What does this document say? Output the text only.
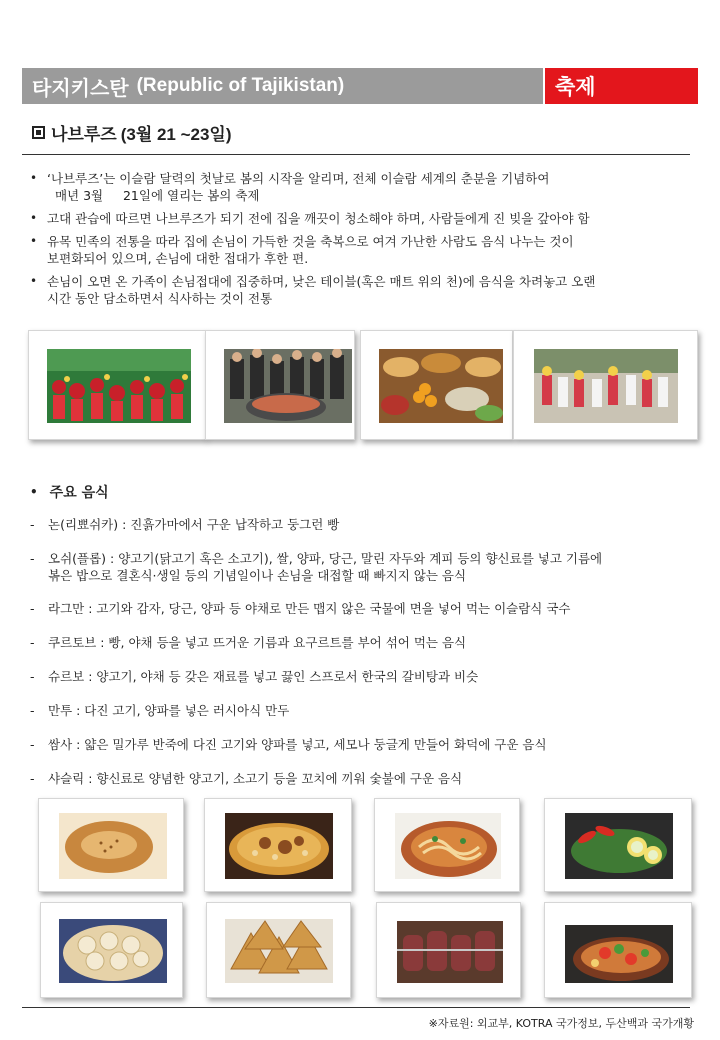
타지키스탄 (Republic of Tajikistan)	축제
나브루즈 (3월 21 ~23일)
• ‘나브루즈’는 이슬람 달력의 첫날로 봄의 시작을 알리며, 전체 이슬람 세계의 춘분을 기념하여
매년 3월     21일에 열리는 봄의 축제
• 고대 관습에 따르면 나브루즈가 되기 전에 집을 깨끗이 청소해야 하며, 사람들에게 진 빚을 갚아야 함
• 유목 민족의 전통을 따라 집에 손님이 가득한 것을 축복으로 여겨 가난한 사람도 음식 나누는 것이
보편화되어 있으며, 손님에 대한 접대가 후한 편.
• 손님이 오면 온 가족이 손님접대에 집중하며, 낮은 테이블(혹은 매트 위의 천)에 음식을 차려놓고 오랜
시간 동안 담소하면서 식사하는 것이 전통
• 주요 음식
- 논(리뾰쉬카) : 진흙가마에서 구운 납작하고 둥그런 빵
- 오쉬(플롭) : 양고기(닭고기 혹은 소고기), 쌀, 양파, 당근, 말린 자두와 계피 등의 향신료를 넣고 기름에
볶은 밥으로 결혼식·생일 등의 기념일이나 손님을 대접할 때 빠지지 않는 음식
- 라그만 : 고기와 감자, 당근, 양파 등 야채로 만든 맵지 않은 국물에 면을 넣어 먹는 이슬람식 국수
- 쿠르토브 : 빵, 야채 등을 넣고 뜨거운 기름과 요구르트를 부어 섞어 먹는 음식
- 슈르보 : 양고기, 야채 등 갖은 재료를 넣고 끓인 스프로서 한국의 갈비탕과 비슷
- 만투 : 다진 고기, 양파를 넣은 러시아식 만두
- 쌈사 : 얇은 밀가루 반죽에 다진 고기와 양파를 넣고, 세모나 둥글게 만들어 화덕에 구운 음식
- 샤슬릭 : 향신료로 양념한 양고기, 소고기 등을 꼬치에 끼워 숯불에 구운 음식
※자료원: 외교부, KOTRA 국가정보, 두산백과 국가개황
